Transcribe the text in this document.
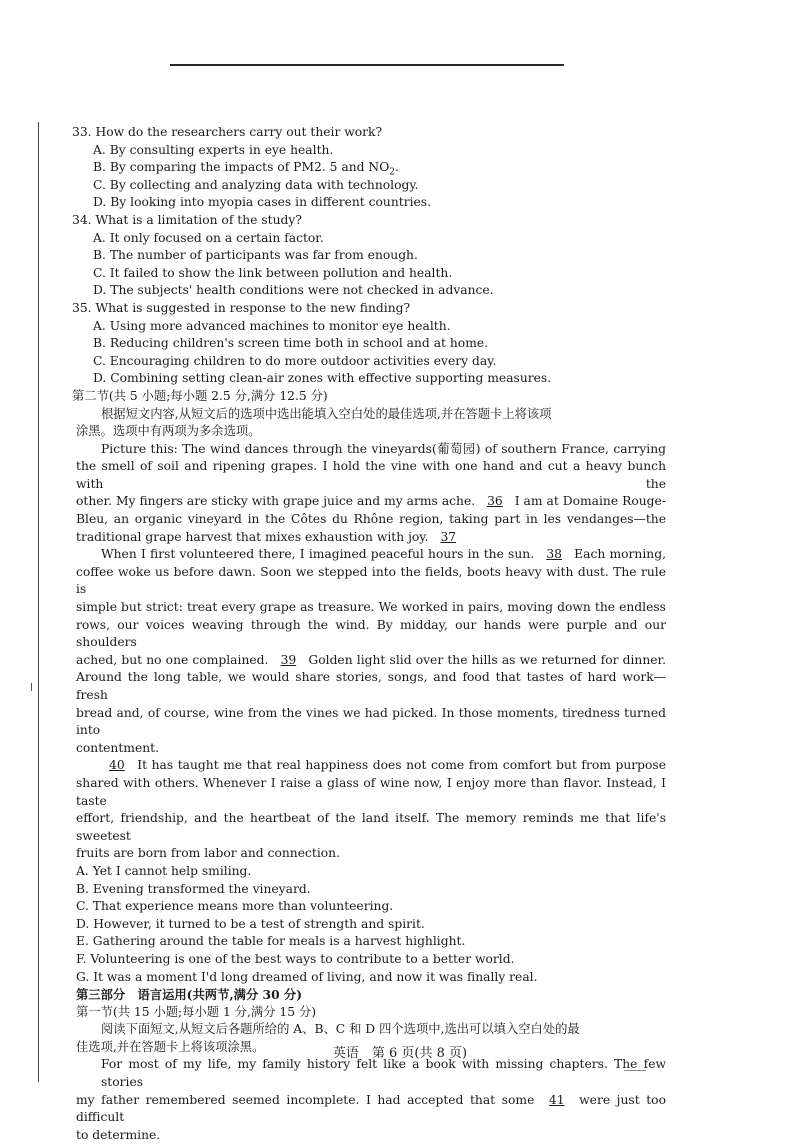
33. How do the researchers carry out their work?
A. By consulting experts in eye health.
B. By comparing the impacts of PM2. 5 and $NO_2$.
C. By collecting and analyzing data with technology.
D. By looking into myopia cases in different countries.
34. What is a limitation of the study?
A. It only focused on a certain factor.
B. The number of participants was far from enough.
C. It failed to show the link between pollution and health.
D. The subjects' health conditions were not checked in advance.
35. What is suggested in response to the new finding?
A. Using more advanced machines to monitor eye health.
B. Reducing children's screen time both in school and at home.
C. Encouraging children to do more outdoor activities every day.
D. Combining setting clean-air zones with effective supporting measures.
第二节(共 5 小题;每小题 2.5 分,满分 12.5 分)
根据短文内容,从短文后的选项中选出能填入空白处的最佳选项,并在答题卡上将该项
涂黑。选项中有两项为多余选项。
Picture this: The wind dances through the vineyards(葡萄园) of southern France, carrying
the smell of soil and ripening grapes. I hold the vine with one hand and cut a heavy bunch with the
other. My fingers are sticky with grape juice and my arms ache. 36 I am at Domaine Rouge-
Bleu, an organic vineyard in the Côtes du Rhône region, taking part in les vendanges—the
traditional grape harvest that mixes exhaustion with joy. 37
When I first volunteered there, I imagined peaceful hours in the sun. 38 Each morning,
coffee woke us before dawn. Soon we stepped into the fields, boots heavy with dust. The rule is
simple but strict: treat every grape as treasure. We worked in pairs, moving down the endless
rows, our voices weaving through the wind. By midday, our hands were purple and our shoulders
ached, but no one complained. 39 Golden light slid over the hills as we returned for dinner.
Around the long table, we would share stories, songs, and food that tastes of hard work—fresh
bread and, of course, wine from the vines we had picked. In those moments, tiredness turned into
contentment.
40 It has taught me that real happiness does not come from comfort but from purpose
shared with others. Whenever I raise a glass of wine now, I enjoy more than flavor. Instead, I taste
effort, friendship, and the heartbeat of the land itself. The memory reminds me that life's sweetest
fruits are born from labor and connection.
A. Yet I cannot help smiling.
B. Evening transformed the vineyard.
C. That experience means more than volunteering.
D. However, it turned to be a test of strength and spirit.
E. Gathering around the table for meals is a harvest highlight.
F. Volunteering is one of the best ways to contribute to a better world.
G. It was a moment I'd long dreamed of living, and now it was finally real.
第三部分　语言运用(共两节,满分 30 分)
第一节(共 15 小题;每小题 1 分,满分 15 分)
阅读下面短文,从短文后各题所给的 A、B、C 和 D 四个选项中,选出可以填入空白处的最
佳选项,并在答题卡上将该项涂黑。
For most of my life, my family history felt like a book with missing chapters. The few stories
my father remembered seemed incomplete. I had accepted that some 41 were just too difficult
to determine.
英语　第 6 页(共 8 页)
